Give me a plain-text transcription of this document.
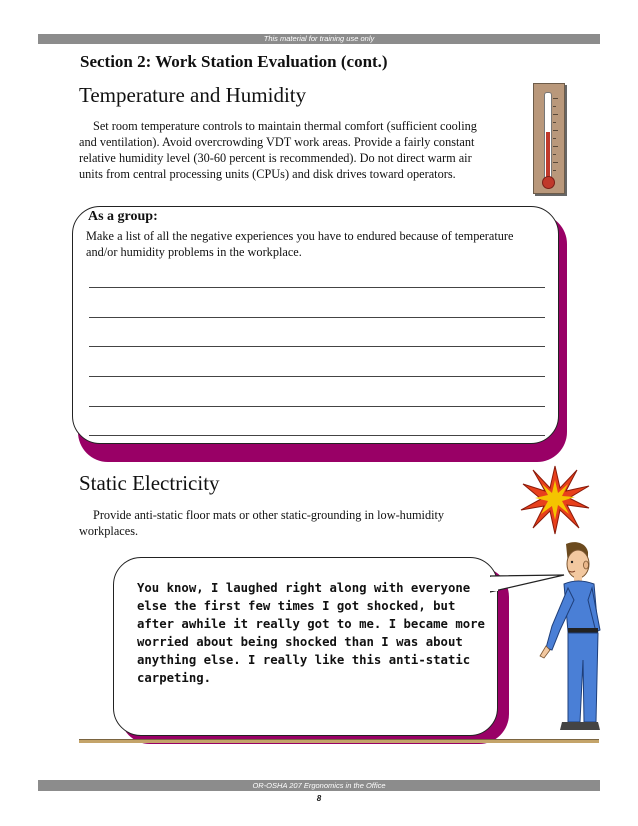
This material for training use only
Section 2: Work Station Evaluation (cont.)
Temperature and Humidity

Set room temperature controls to maintain thermal comfort (sufficient cooling and ventilation). Avoid overcrowding VDT work areas. Provide a fairly constant relative humidity level (30-60 percent is recommended). Do not direct warm air units from central processing units (CPUs) and disk drives toward operators.

As a group:
Make a list of all the negative experiences you have to endured because of temperature and/or humidity problems in the workplace.
Static Electricity

Provide anti-static floor mats or other static-grounding in low-humidity workplaces.

You know, I laughed right along with everyone else the first few times I got shocked, but after awhile it really got to me. I became more worried about being shocked than I was about anything else. I really like this anti-static carpeting.
OR-OSHA 207 Ergonomics in the Office
8
